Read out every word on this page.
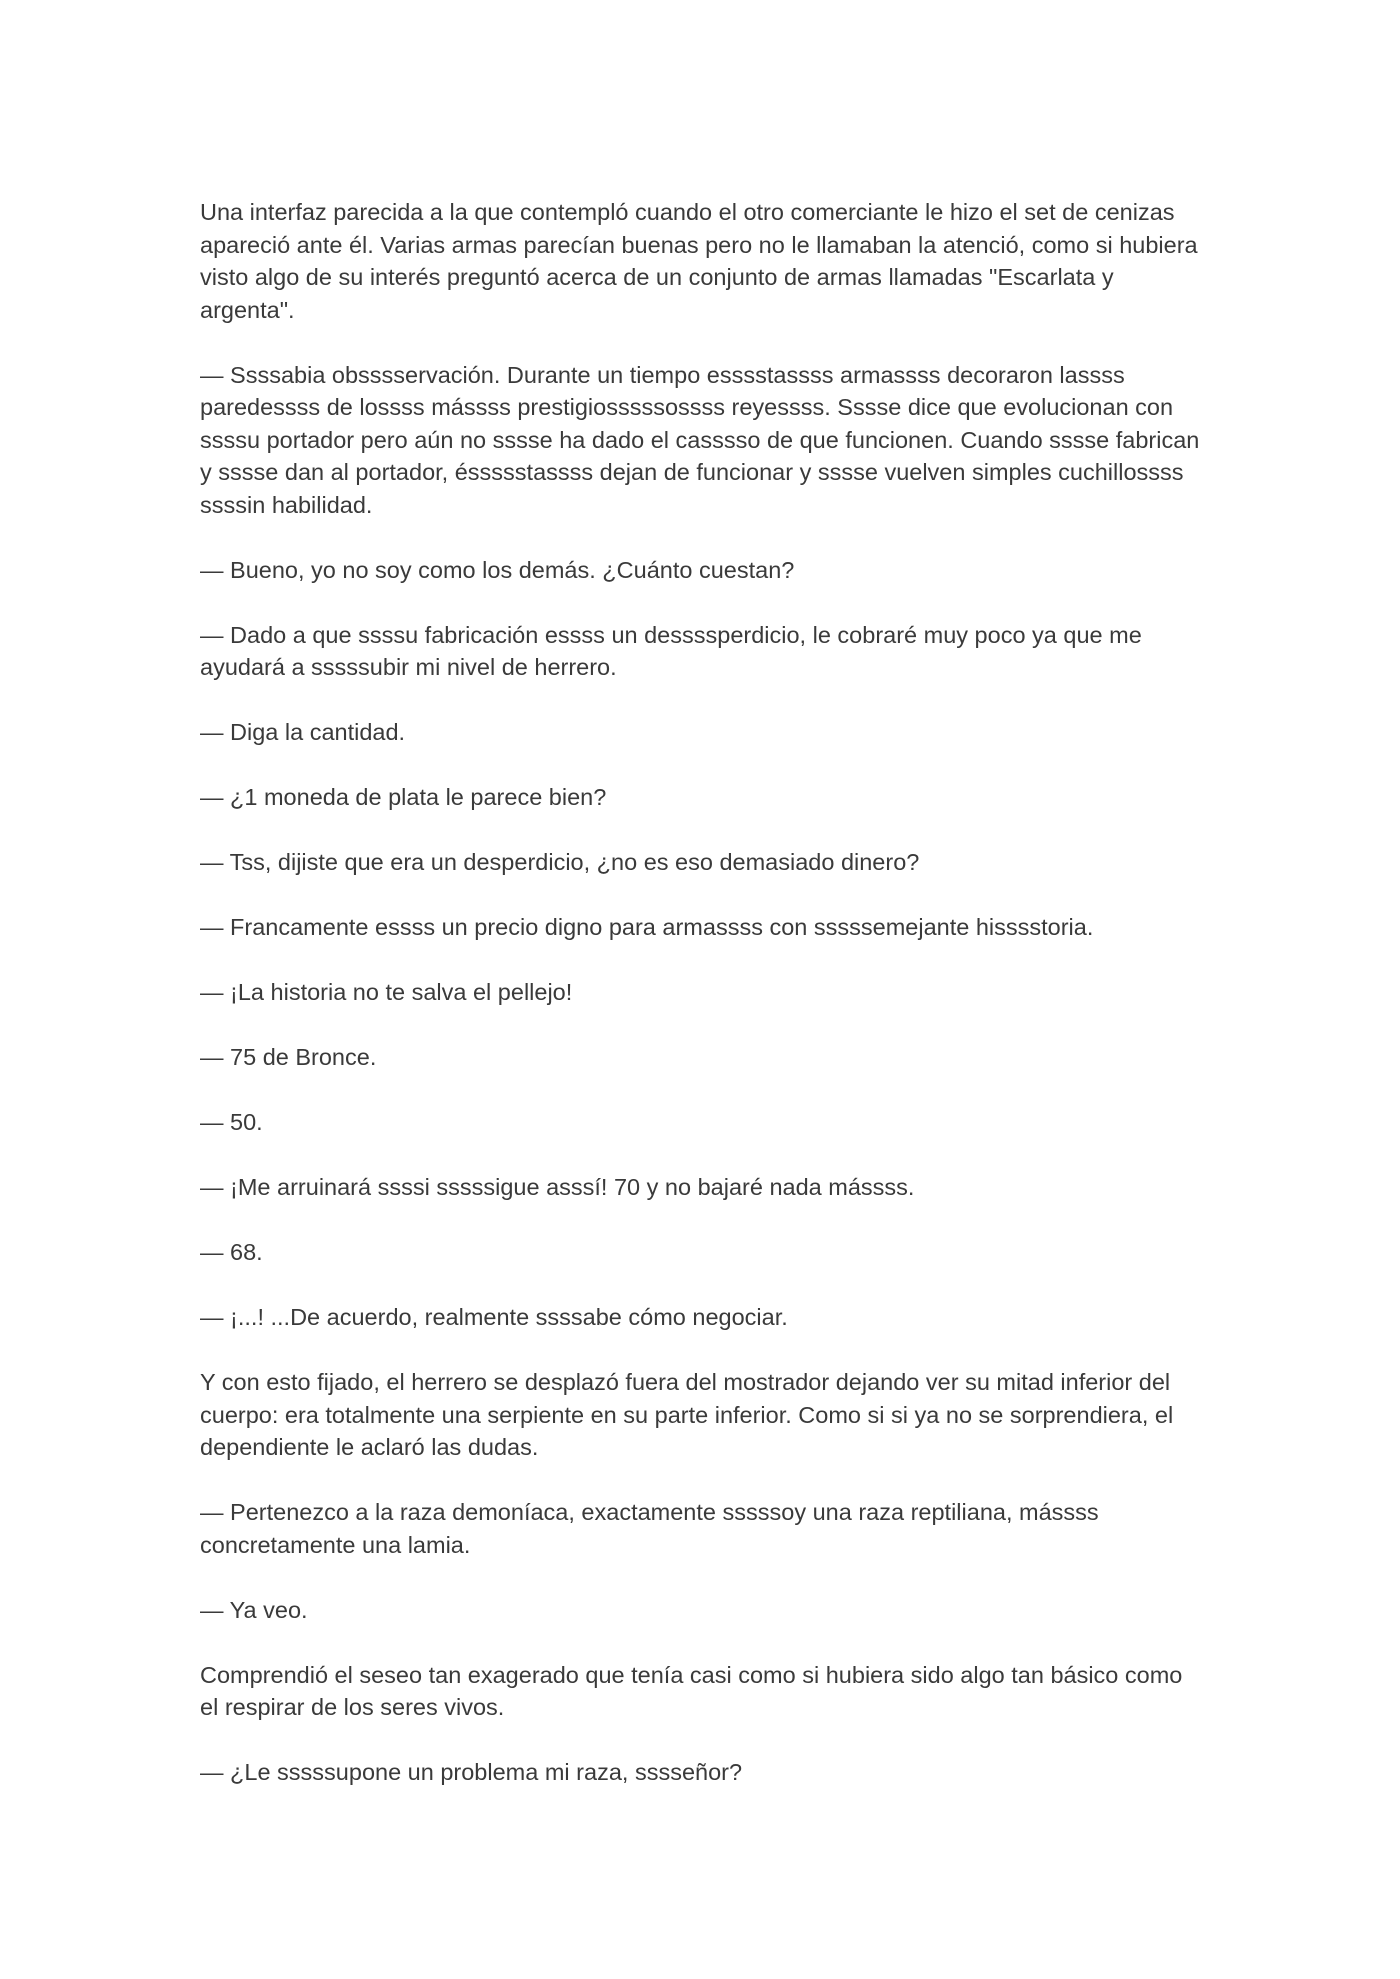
Una interfaz parecida a la que contempló cuando el otro comerciante le hizo el set de cenizas apareció ante él. Varias armas parecían buenas pero no le llamaban la atenció, como si hubiera visto algo de su interés preguntó acerca de un conjunto de armas llamadas "Escarlata y argenta".

— Ssssabia obsssservación. Durante un tiempo esssstassss armassss decoraron lassss paredessss de lossss mássss prestigiosssssossss reyessss. Sssse dice que evolucionan con ssssu portador pero aún no sssse ha dado el casssso de que funcionen. Cuando sssse fabrican y sssse dan al portador, éssssstassss dejan de funcionar y sssse vuelven simples cuchillossss ssssin habilidad.

— Bueno, yo no soy como los demás. ¿Cuánto cuestan?

— Dado a que ssssu fabricación essss un dessssperdicio, le cobraré muy poco ya que me ayudará a sssssubir mi nivel de herrero.

— Diga la cantidad.

— ¿1 moneda de plata le parece bien?

— Tss, dijiste que era un desperdicio, ¿no es eso demasiado dinero?

— Francamente essss un precio digno para armassss con sssssemejante hisssstoria.

— ¡La historia no te salva el pellejo!

— 75 de Bronce.

— 50.

— ¡Me arruinará ssssi sssssigue asssí! 70 y no bajaré nada mássss.

— 68.

— ¡...! ...De acuerdo, realmente ssssabe cómo negociar.

Y con esto fijado, el herrero se desplazó fuera del mostrador dejando ver su mitad inferior del cuerpo: era totalmente una serpiente en su parte inferior. Como si si ya no se sorprendiera, el dependiente le aclaró las dudas.

— Pertenezco a la raza demoníaca, exactamente sssssoy una raza reptiliana, mássss concretamente una lamia.

— Ya veo.

Comprendió el seseo tan exagerado que tenía casi como si hubiera sido algo tan básico como el respirar de los seres vivos.

— ¿Le sssssupone un problema mi raza, sssseñor?
